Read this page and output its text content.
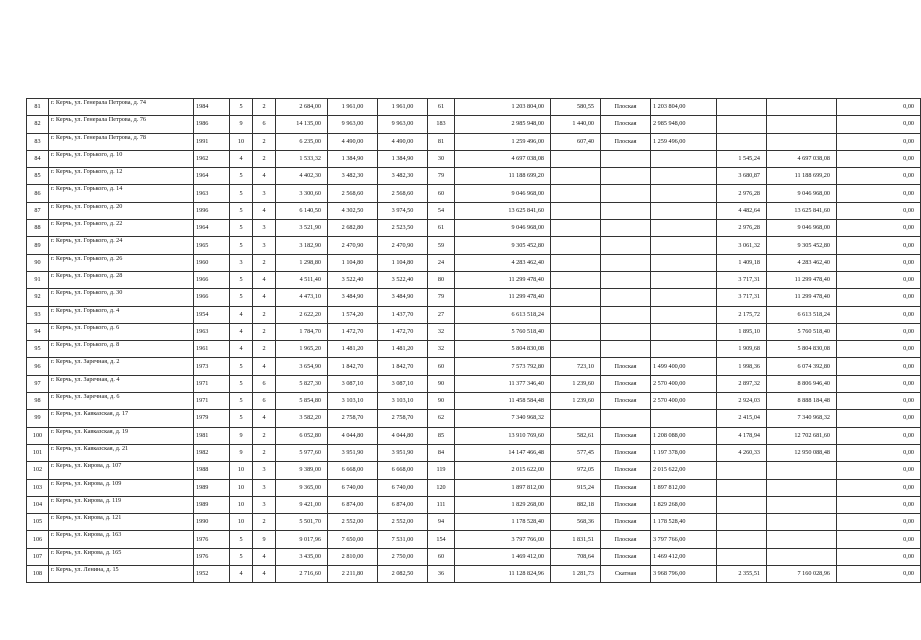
81	г. Керчь, ул. Генерала Петрова, д. 74	1984	5	2	2 684,00	1 961,00	1 961,00	61	1 203 804,00	580,55	Плоская	1 203 804,00			0,00
82	г. Керчь, ул. Генерала Петрова, д. 76	1986	9	6	14 135,00	9 963,00	9 963,00	183	2 985 948,00	1 440,00	Плоская	2 985 948,00			0,00
83	г. Керчь, ул. Генерала Петрова, д. 78	1991	10	2	6 235,00	4 490,00	4 490,00	81	1 259 496,00	607,40	Плоская	1 259 496,00			0,00
84	г. Керчь, ул. Горького, д. 10	1962	4	2	1 533,32	1 384,90	1 384,90	30	4 697 038,08				1 545,24	4 697 038,08	0,00
85	г. Керчь, ул. Горького, д. 12	1964	5	4	4 402,30	3 482,30	3 482,30	79	11 188 699,20				3 680,87	11 188 699,20	0,00
86	г. Керчь, ул. Горького, д. 14	1963	5	3	3 300,60	2 568,60	2 568,60	60	9 046 968,00				2 976,28	9 046 968,00	0,00
87	г. Керчь, ул. Горького, д. 20	1996	5	4	6 140,50	4 302,50	3 974,50	54	13 625 841,60				4 482,64	13 625 841,60	0,00
88	г. Керчь, ул. Горького, д. 22	1964	5	3	3 521,90	2 682,80	2 523,50	61	9 046 968,00				2 976,28	9 046 968,00	0,00
89	г. Керчь, ул. Горького, д. 24	1965	5	3	3 182,90	2 470,90	2 470,90	59	9 305 452,80				3 061,32	9 305 452,80	0,00
90	г. Керчь, ул. Горького, д. 26	1960	3	2	1 298,80	1 104,80	1 104,80	24	4 283 462,40				1 409,18	4 283 462,40	0,00
91	г. Керчь, ул. Горького, д. 28	1966	5	4	4 511,40	3 522,40	3 522,40	80	11 299 478,40				3 717,31	11 299 478,40	0,00
92	г. Керчь, ул. Горького, д. 30	1966	5	4	4 473,10	3 484,90	3 484,90	79	11 299 478,40				3 717,31	11 299 478,40	0,00
93	г. Керчь, ул. Горького, д. 4	1954	4	2	2 622,20	1 574,20	1 437,70	27	6 613 518,24				2 175,72	6 613 518,24	0,00
94	г. Керчь, ул. Горького, д. 6	1963	4	2	1 784,70	1 472,70	1 472,70	32	5 760 518,40				1 895,10	5 760 518,40	0,00
95	г. Керчь, ул. Горького, д. 8	1961	4	2	1 965,20	1 481,20	1 481,20	32	5 804 830,08				1 909,68	5 804 830,08	0,00
96	г. Керчь, ул. Заречная, д. 2	1973	5	4	3 654,90	1 842,70	1 842,70	60	7 573 792,80	723,10	Плоская	1 499 400,00	1 998,36	6 074 392,80	0,00
97	г. Керчь, ул. Заречная, д. 4	1971	5	6	5 827,30	3 087,10	3 087,10	90	11 377 346,40	1 239,60	Плоская	2 570 400,00	2 897,32	8 806 946,40	0,00
98	г. Керчь, ул. Заречная, д. 6	1971	5	6	5 854,80	3 103,10	3 103,10	90	11 458 584,48	1 239,60	Плоская	2 570 400,00	2 924,03	8 888 184,48	0,00
99	г. Керчь, ул. Кавказская, д. 17	1979	5	4	3 582,20	2 758,70	2 758,70	62	7 340 968,32				2 415,04	7 340 968,32	0,00
100	г. Керчь, ул. Кавказская, д. 19	1981	9	2	6 052,80	4 044,80	4 044,80	85	13 910 769,60	582,61	Плоская	1 208 088,00	4 178,94	12 702 681,60	0,00
101	г. Керчь, ул. Кавказская, д. 21	1982	9	2	5 977,60	3 951,90	3 951,90	84	14 147 466,48	577,45	Плоская	1 197 378,00	4 260,33	12 950 088,48	0,00
102	г. Керчь, ул. Кирова, д. 107	1988	10	3	9 389,00	6 668,00	6 668,00	119	2 015 622,00	972,05	Плоская	2 015 622,00			0,00
103	г. Керчь, ул. Кирова, д. 109	1989	10	3	9 365,00	6 740,00	6 740,00	120	1 897 812,00	915,24	Плоская	1 897 812,00			0,00
104	г. Керчь, ул. Кирова, д. 119	1989	10	3	9 421,00	6 874,00	6 874,00	111	1 829 268,00	882,18	Плоская	1 829 268,00			0,00
105	г. Керчь, ул. Кирова, д. 121	1990	10	2	5 501,70	2 552,00	2 552,00	94	1 178 528,40	568,36	Плоская	1 178 528,40			0,00
106	г. Керчь, ул. Кирова, д. 163	1976	5	9	9 017,96	7 650,00	7 531,00	154	3 797 766,00	1 831,51	Плоская	3 797 766,00			0,00
107	г. Керчь, ул. Кирова, д. 165	1976	5	4	3 435,00	2 810,00	2 750,00	60	1 469 412,00	708,64	Плоская	1 469 412,00			0,00
108	г. Керчь, ул. Ленина, д. 15	1952	4	4	2 716,60	2 211,80	2 082,50	36	11 128 824,96	1 281,73	Скатная	3 968 796,00	2 355,51	7 160 028,96	0,00
